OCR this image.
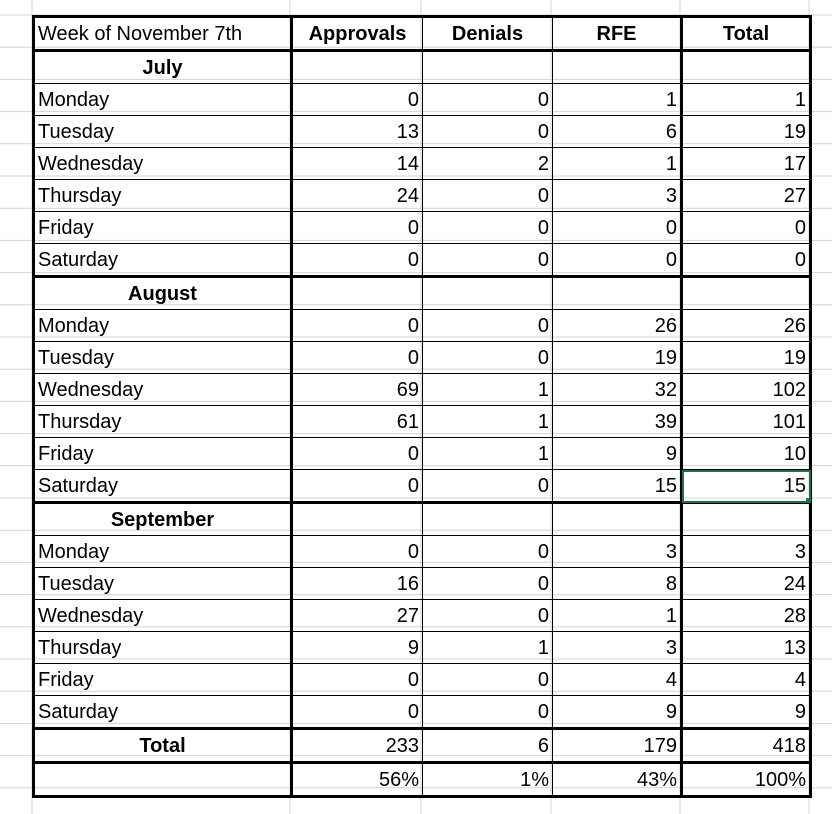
Week of November 7th	Approvals	Denials	RFE	Total
July				
Monday	0	0	1	1
Tuesday	13	0	6	19
Wednesday	14	2	1	17
Thursday	24	0	3	27
Friday	0	0	0	0
Saturday	0	0	0	0
August				
Monday	0	0	26	26
Tuesday	0	0	19	19
Wednesday	69	1	32	102
Thursday	61	1	39	101
Friday	0	1	9	10
Saturday	0	0	15	15

September				
Monday	0	0	3	3
Tuesday	16	0	8	24
Wednesday	27	0	1	28
Thursday	9	1	3	13
Friday	0	0	4	4
Saturday	0	0	9	9
Total	233	6	179	418
	56%	1%	43%	100%
